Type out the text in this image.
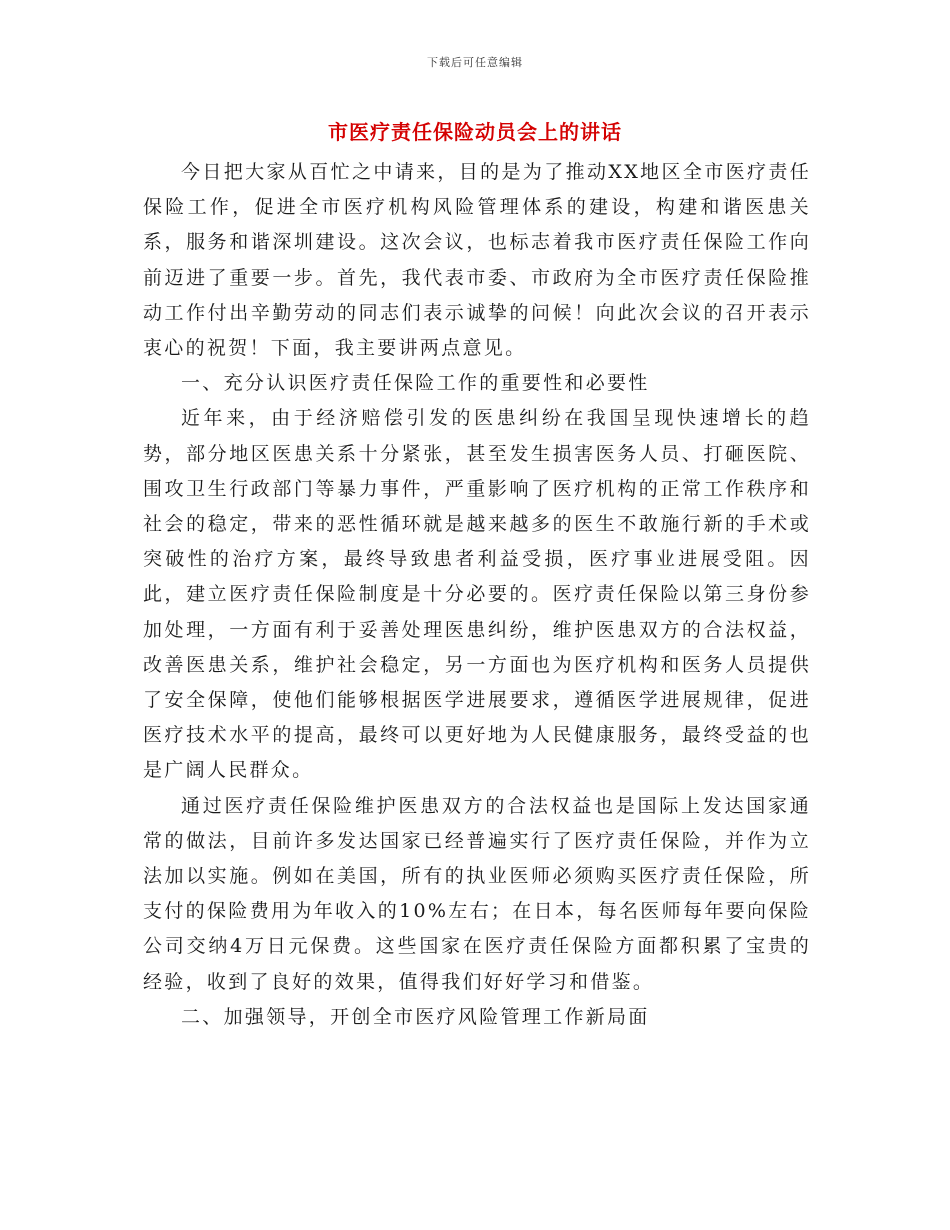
下载后可任意编辑
市医疗责任保险动员会上的讲话

今日把大家从百忙之中请来，目的是为了推动XX地区全市医疗责任保险工作，促进全市医疗机构风险管理体系的建设，构建和谐医患关系，服务和谐深圳建设。这次会议，也标志着我市医疗责任保险工作向前迈进了重要一步。首先，我代表市委、市政府为全市医疗责任保险推动工作付出辛勤劳动的同志们表示诚挚的问候！向此次会议的召开表示衷心的祝贺！下面，我主要讲两点意见。

一、充分认识医疗责任保险工作的重要性和必要性

近年来，由于经济赔偿引发的医患纠纷在我国呈现快速增长的趋势，部分地区医患关系十分紧张，甚至发生损害医务人员、打砸医院、围攻卫生行政部门等暴力事件，严重影响了医疗机构的正常工作秩序和社会的稳定，带来的恶性循环就是越来越多的医生不敢施行新的手术或突破性的治疗方案，最终导致患者利益受损，医疗事业进展受阻。因此，建立医疗责任保险制度是十分必要的。医疗责任保险以第三身份参加处理，一方面有利于妥善处理医患纠纷，维护医患双方的合法权益，改善医患关系，维护社会稳定，另一方面也为医疗机构和医务人员提供了安全保障，使他们能够根据医学进展要求，遵循医学进展规律，促进医疗技术水平的提高，最终可以更好地为人民健康服务，最终受益的也是广阔人民群众。

通过医疗责任保险维护医患双方的合法权益也是国际上发达国家通常的做法，目前许多发达国家已经普遍实行了医疗责任保险，并作为立法加以实施。例如在美国，所有的执业医师必须购买医疗责任保险，所支付的保险费用为年收入的10%左右；在日本，每名医师每年要向保险公司交纳4万日元保费。这些国家在医疗责任保险方面都积累了宝贵的经验，收到了良好的效果，值得我们好好学习和借鉴。

二、加强领导，开创全市医疗风险管理工作新局面
